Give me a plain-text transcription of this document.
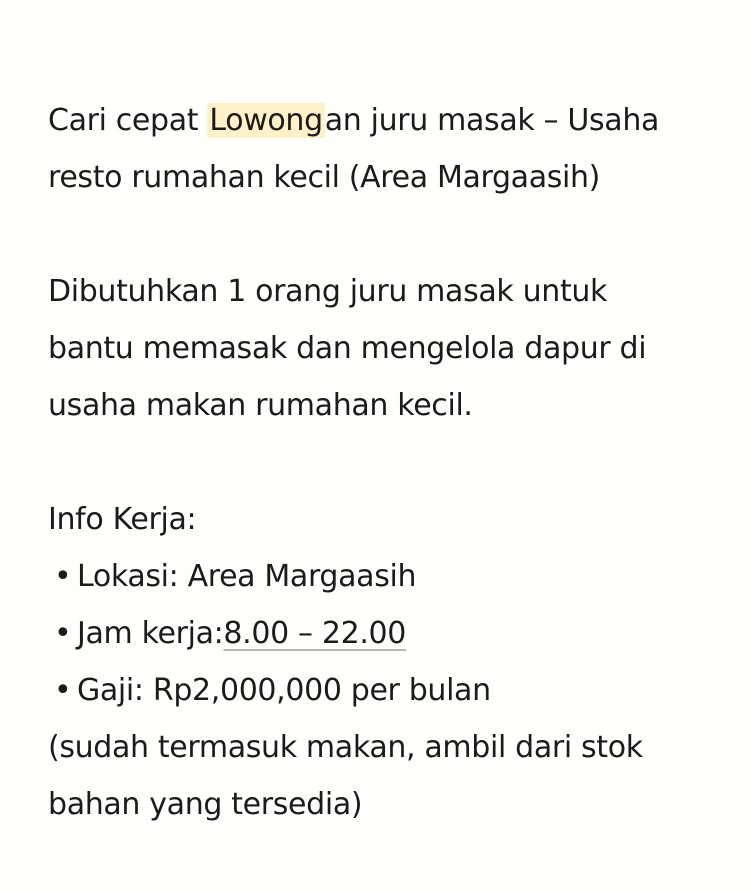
Cari cepat Lowongan juru masak – Usaha
resto rumahan kecil (Area Margaasih)
Dibutuhkan 1 orang juru masak untuk
bantu memasak dan mengelola dapur di
usaha makan rumahan kecil.
Info Kerja:
• Lokasi: Area Margaasih
• Jam kerja: 8.00 – 22.00
• Gaji: Rp2,000,000 per bulan
(sudah termasuk makan, ambil dari stok
bahan yang tersedia)
